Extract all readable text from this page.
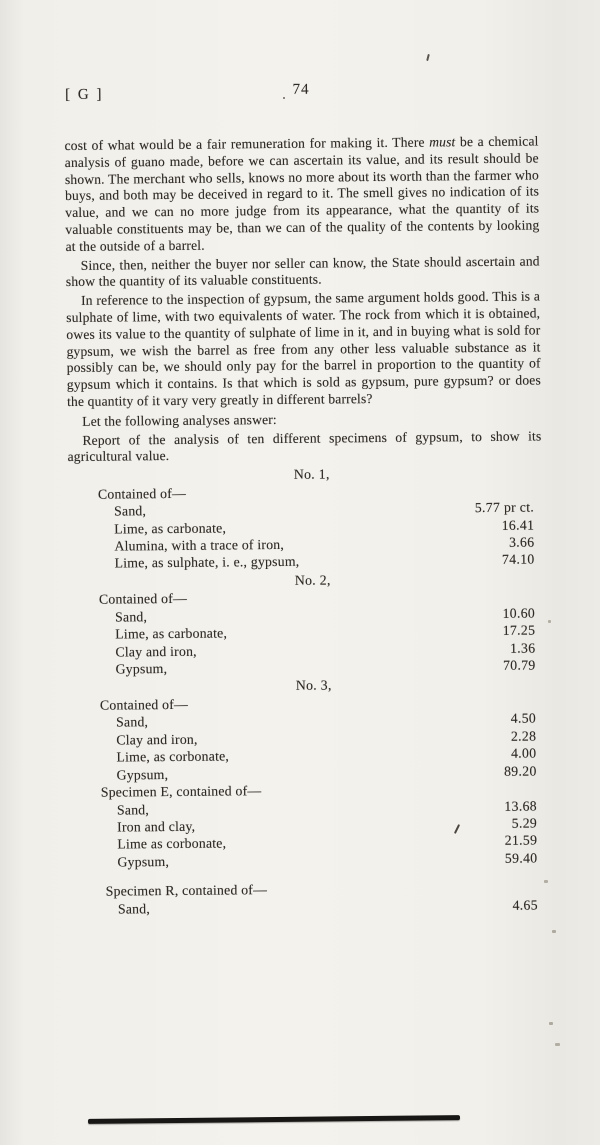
[ G ]	74

cost of what would be a fair remuneration for making it. There must be a chemical analysis of guano made, before we can ascertain its value, and its result should be shown. The merchant who sells, knows no more about its worth than the farmer who buys, and both may be deceived in regard to it. The smell gives no indication of its value, and we can no more judge from its appearance, what the quantity of its valuable constituents may be, than we can of the quality of the contents by looking at the outside of a barrel.

Since, then, neither the buyer nor seller can know, the State should ascertain and show the quantity of its valuable constituents.

In reference to the inspection of gypsum, the same argument holds good. This is a sulphate of lime, with two equivalents of water. The rock from which it is obtained, owes its value to the quantity of sulphate of lime in it, and in buying what is sold for gypsum, we wish the barrel as free from any other less valuable substance as it possibly can be, we should only pay for the barrel in proportion to the quantity of gypsum which it contains. Is that which is sold as gypsum, pure gypsum? or does the quantity of it vary very greatly in different barrels?

Let the following analyses answer:

Report of the analysis of ten different specimens of gypsum, to show its agricultural value.

No. 1,
Contained of—
Sand,	5.77 pr ct.
Lime, as carbonate,	16.41
Alumina, with a trace of iron,	3.66
Lime, as sulphate, i. e., gypsum,	74.10
No. 2,
Contained of—
Sand,	10.60
Lime, as carbonate,	17.25
Clay and iron,	1.36
Gypsum,	70.79
No. 3,
Contained of—
Sand,	4.50
Clay and iron,	2.28
Lime, as corbonate,	4.00
Gypsum,	89.20
Specimen E, contained of—
Sand,	13.68
Iron and clay,	5.29
Lime as corbonate,	21.59
Gypsum,	59.40
Specimen R, contained of—
Sand,	4.65
